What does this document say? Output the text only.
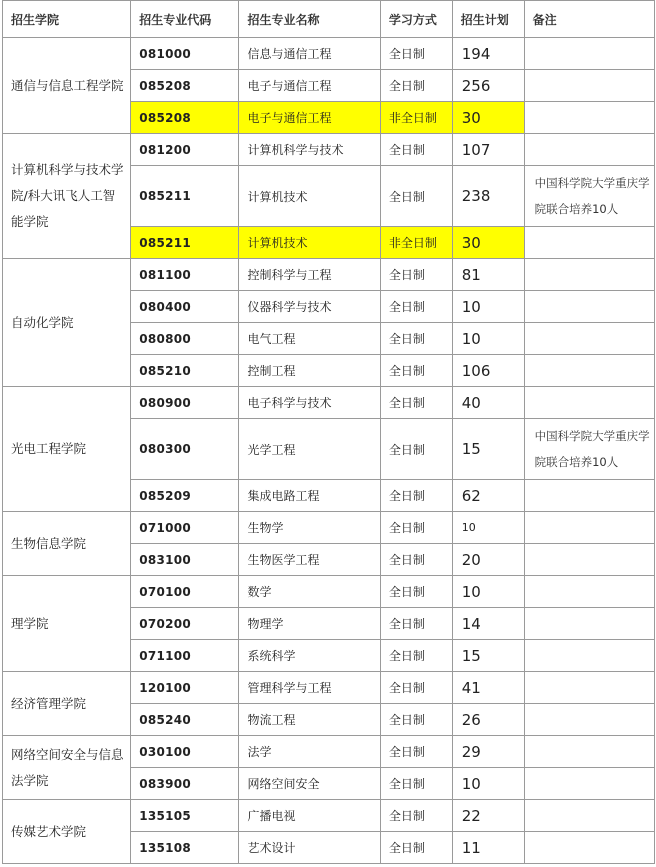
招生学院	招生专业代码	招生专业名称	学习方式	招生计划	备注
通信与信息工程学院	081000	信息与通信工程	全日制	194	
	085208	电子与通信工程	全日制	256	
	085208	电子与通信工程	非全日制	30	
计算机科学与技术学院/科大讯飞人工智能学院	081200	计算机科学与技术	全日制	107	
	085211	计算机技术	全日制	238	中国科学院大学重庆学院联合培养10人
	085211	计算机技术	非全日制	30	
自动化学院	081100	控制科学与工程	全日制	81	
	080400	仪器科学与技术	全日制	10	
	080800	电气工程	全日制	10	
	085210	控制工程	全日制	106	
光电工程学院	080900	电子科学与技术	全日制	40	
	080300	光学工程	全日制	15	中国科学院大学重庆学院联合培养10人
	085209	集成电路工程	全日制	62	
生物信息学院	071000	生物学	全日制	10	
	083100	生物医学工程	全日制	20	
理学院	070100	数学	全日制	10	
	070200	物理学	全日制	14	
	071100	系统科学	全日制	15	
经济管理学院	120100	管理科学与工程	全日制	41	
	085240	物流工程	全日制	26	
网络空间安全与信息法学院	030100	法学	全日制	29	
	083900	网络空间安全	全日制	10	
传媒艺术学院	135105	广播电视	全日制	22	
	135108	艺术设计	全日制	11	
